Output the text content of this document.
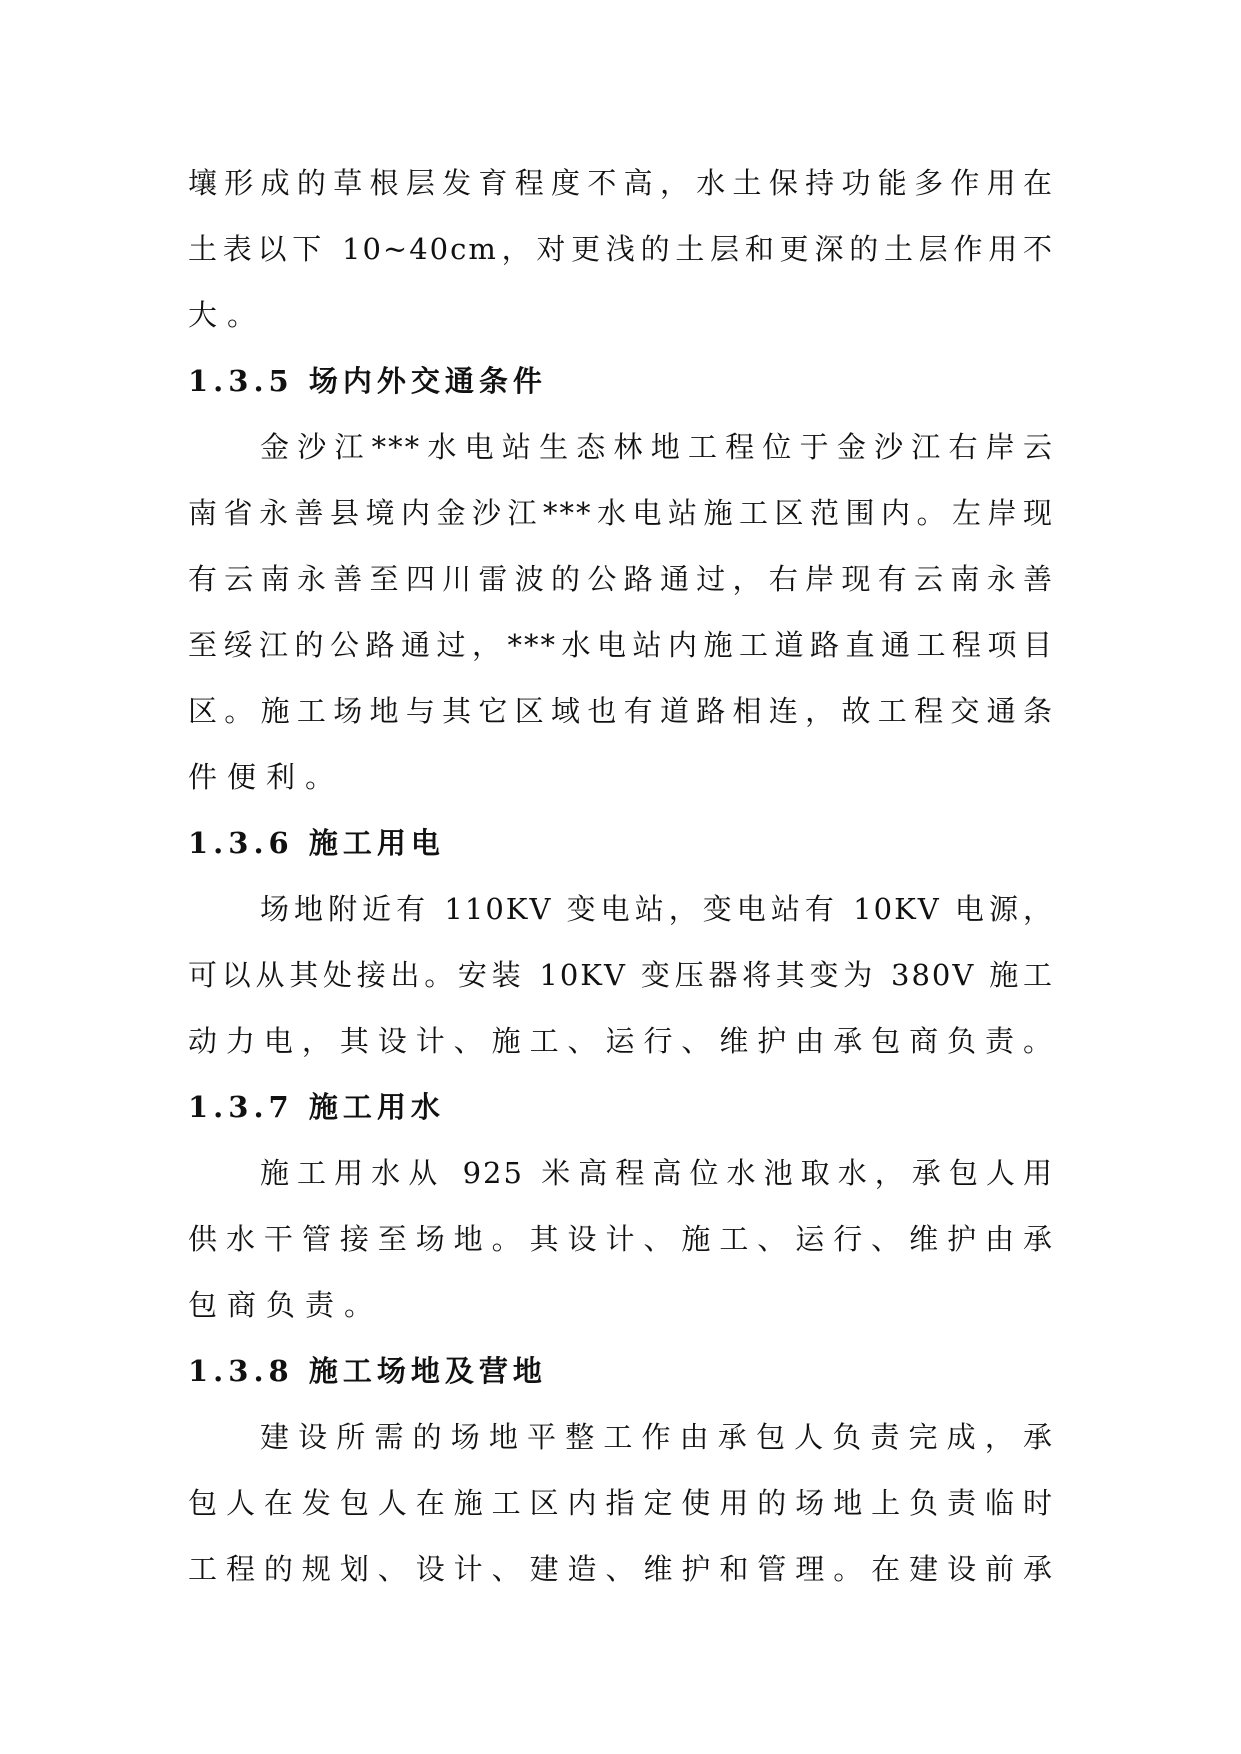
壤形成的草根层发育程度不高，水土保持功能多作用在
土表以下 10~40cm，对更浅的土层和更深的土层作用不
大。
1.3.5 场内外交通条件
金沙江***水电站生态林地工程位于金沙江右岸云
南省永善县境内金沙江***水电站施工区范围内。左岸现
有云南永善至四川雷波的公路通过，右岸现有云南永善
至绥江的公路通过，***水电站内施工道路直通工程项目
区。施工场地与其它区域也有道路相连，故工程交通条
件便利。
1.3.6 施工用电
场地附近有 110KV 变电站，变电站有 10KV 电源，
可以从其处接出。安装 10KV 变压器将其变为 380V 施工
动力电，其设计、施工、运行、维护由承包商负责。
1.3.7 施工用水
施工用水从 925 米高程高位水池取水，承包人用
供水干管接至场地。其设计、施工、运行、维护由承
包商负责。
1.3.8 施工场地及营地
建设所需的场地平整工作由承包人负责完成，承
包人在发包人在施工区内指定使用的场地上负责临时
工程的规划、设计、建造、维护和管理。在建设前承
